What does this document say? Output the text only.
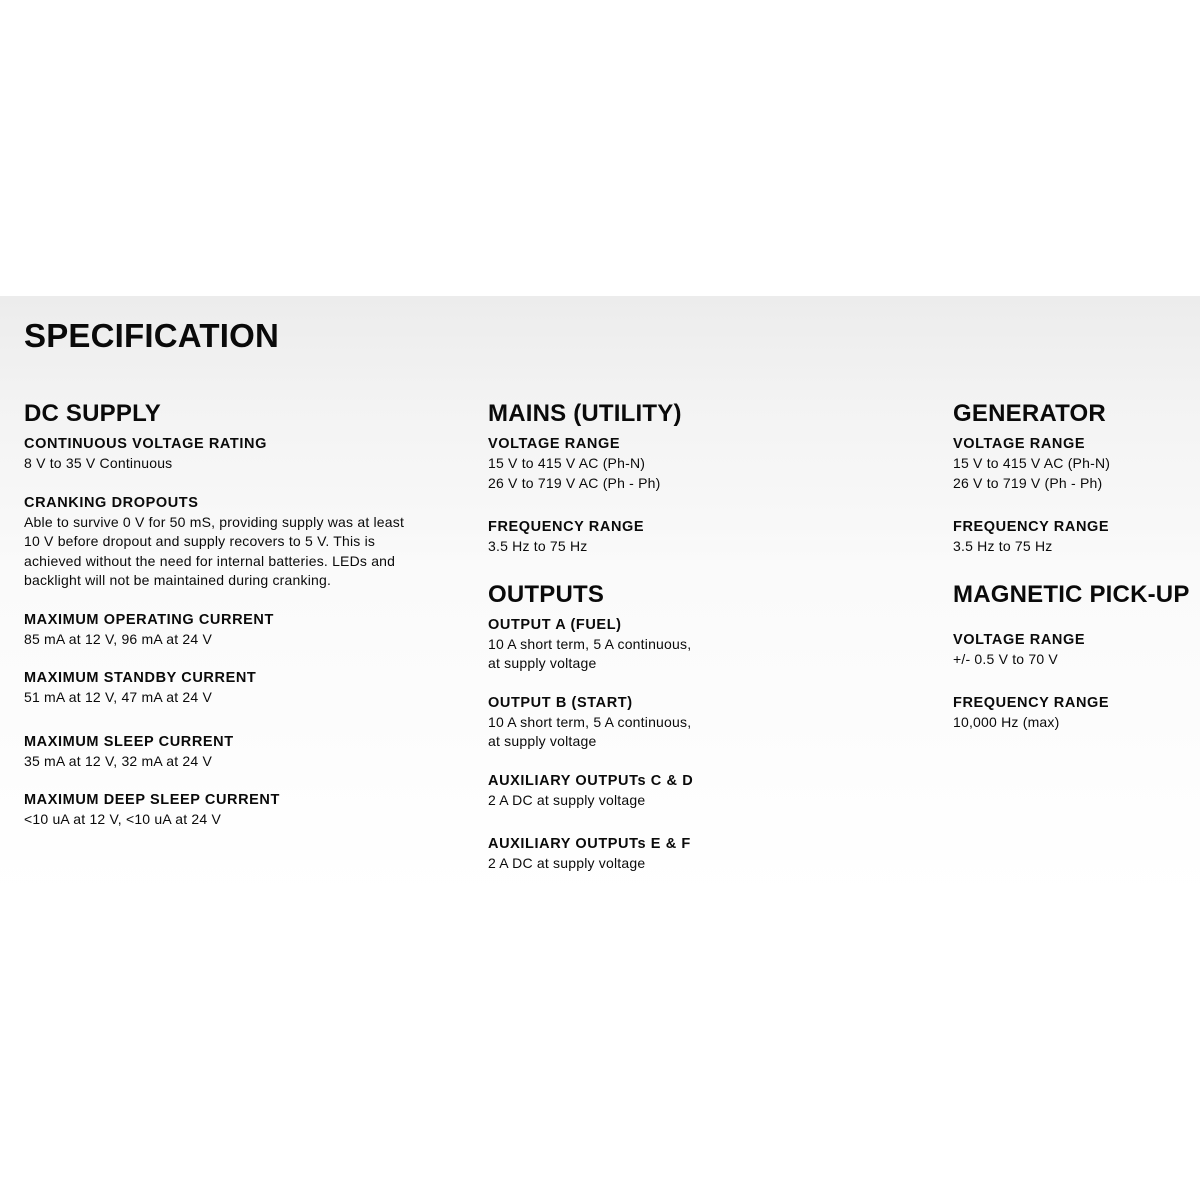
SPECIFICATION
DC SUPPLY
CONTINUOUS VOLTAGE RATING
8 V to 35 V Continuous
CRANKING DROPOUTS
Able to survive 0 V for 50 mS, providing supply was at least
10 V before dropout and supply recovers to 5 V. This is
achieved without the need for internal batteries. LEDs and
backlight will not be maintained during cranking.
MAXIMUM OPERATING CURRENT
85 mA at 12 V, 96 mA at 24 V
MAXIMUM STANDBY CURRENT
51 mA at 12 V, 47 mA at 24 V
MAXIMUM SLEEP CURRENT
35 mA at 12 V, 32 mA at 24 V
MAXIMUM DEEP SLEEP CURRENT
<10 uA at 12 V, <10 uA at 24 V
MAINS (UTILITY)
VOLTAGE RANGE
15 V to 415 V AC (Ph-N)
26 V to 719 V AC (Ph - Ph)
FREQUENCY RANGE
3.5 Hz to 75 Hz
OUTPUTS
OUTPUT A (FUEL)
10 A short term, 5 A continuous,
at supply voltage
OUTPUT B (START)
10 A short term, 5 A continuous,
at supply voltage
AUXILIARY OUTPUTs C & D
2 A DC at supply voltage
AUXILIARY OUTPUTs E & F
2 A DC at supply voltage
GENERATOR
VOLTAGE RANGE
15 V to 415 V AC (Ph-N)
26 V to 719 V (Ph - Ph)
FREQUENCY RANGE
3.5 Hz to 75 Hz
MAGNETIC PICK-UP
VOLTAGE RANGE
+/- 0.5 V to 70 V
FREQUENCY RANGE
10,000 Hz (max)
